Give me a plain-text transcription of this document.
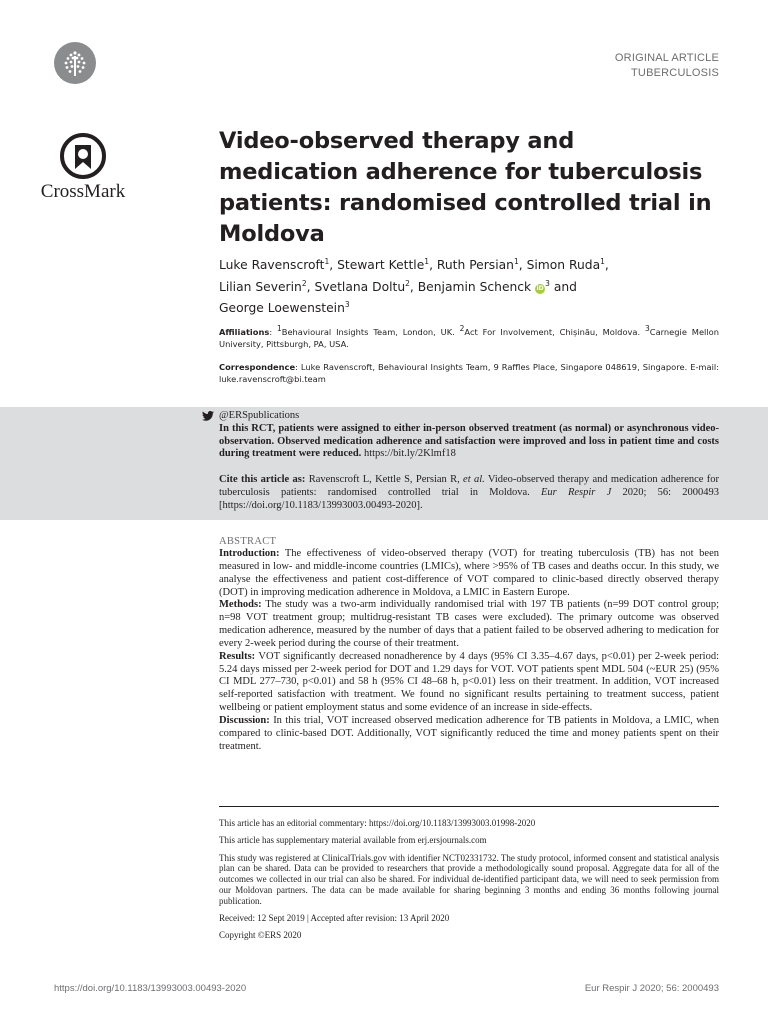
CrossMark
ORIGINAL ARTICLE
TUBERCULOSIS
Video-observed therapy and medication adherence for tuberculosis patients: randomised controlled trial in Moldova
Luke Ravenscroft$^1$, Stewart Kettle$^1$, Ruth Persian$^1$, Simon Ruda$^1$,
Lilian Severin$^2$, Svetlana Doltu$^2$, Benjamin Schenck $iD^3$ and
George Loewenstein$^3$
Affiliations: $^1$Behavioural Insights Team, London, UK. $^2$Act For Involvement, Chișinău, Moldova. $^3$Carnegie Mellon University, Pittsburgh, PA, USA.
Correspondence: Luke Ravenscroft, Behavioural Insights Team, 9 Raffles Place, Singapore 048619, Singapore. E-mail: luke.ravenscroft@bi.team
@ERSpublications
In this RCT, patients were assigned to either in-person observed treatment (as normal) or asynchronous video-observation. Observed medication adherence and satisfaction were improved and loss in patient time and costs during treatment were reduced. https://bit.ly/2Klmf18
Cite this article as: Ravenscroft L, Kettle S, Persian R, et al. Video-observed therapy and medication adherence for tuberculosis patients: randomised controlled trial in Moldova. Eur Respir J 2020; 56: 2000493 [https://doi.org/10.1183/13993003.00493-2020].
ABSTRACT

Introduction: The effectiveness of video-observed therapy (VOT) for treating tuberculosis (TB) has not been measured in low- and middle-income countries (LMICs), where >95% of TB cases and deaths occur. In this study, we analyse the effectiveness and patient cost-difference of VOT compared to clinic-based directly observed therapy (DOT) in improving medication adherence in Moldova, a LMIC in Eastern Europe.

Methods: The study was a two-arm individually randomised trial with 197 TB patients (n=99 DOT control group; n=98 VOT treatment group; multidrug-resistant TB cases were excluded). The primary outcome was observed medication adherence, measured by the number of days that a patient failed to be observed adhering to medication for every 2-week period during the course of their treatment.

Results: VOT significantly decreased nonadherence by 4 days (95% CI 3.35–4.67 days, p<0.01) per 2-week period: 5.24 days missed per 2-week period for DOT and 1.29 days for VOT. VOT patients spent MDL 504 (~EUR 25) (95% CI MDL 277–730, p<0.01) and 58 h (95% CI 48–68 h, p<0.01) less on their treatment. In addition, VOT increased self-reported satisfaction with treatment. We found no significant results pertaining to treatment success, patient wellbeing or patient employment status and some evidence of an increase in side-effects.

Discussion: In this trial, VOT increased observed medication adherence for TB patients in Moldova, a LMIC, when compared to clinic-based DOT. Additionally, VOT significantly reduced the time and money patients spent on their treatment.

This article has an editorial commentary: https://doi.org/10.1183/13993003.01998-2020

This article has supplementary material available from erj.ersjournals.com

This study was registered at ClinicalTrials.gov with identifier NCT02331732. The study protocol, informed consent and statistical analysis plan can be shared. Data can be provided to researchers that provide a methodologically sound proposal. Aggregate data for all of the outcomes we collected in our trial can also be shared. For individual de-identified participant data, we will need to seek permission from our Moldovan partners. The data can be made available for sharing beginning 3 months and ending 36 months following journal publication.

Received: 12 Sept 2019 | Accepted after revision: 13 April 2020

Copyright ©ERS 2020

https://doi.org/10.1183/13993003.00493-2020	Eur Respir J 2020; 56: 2000493
